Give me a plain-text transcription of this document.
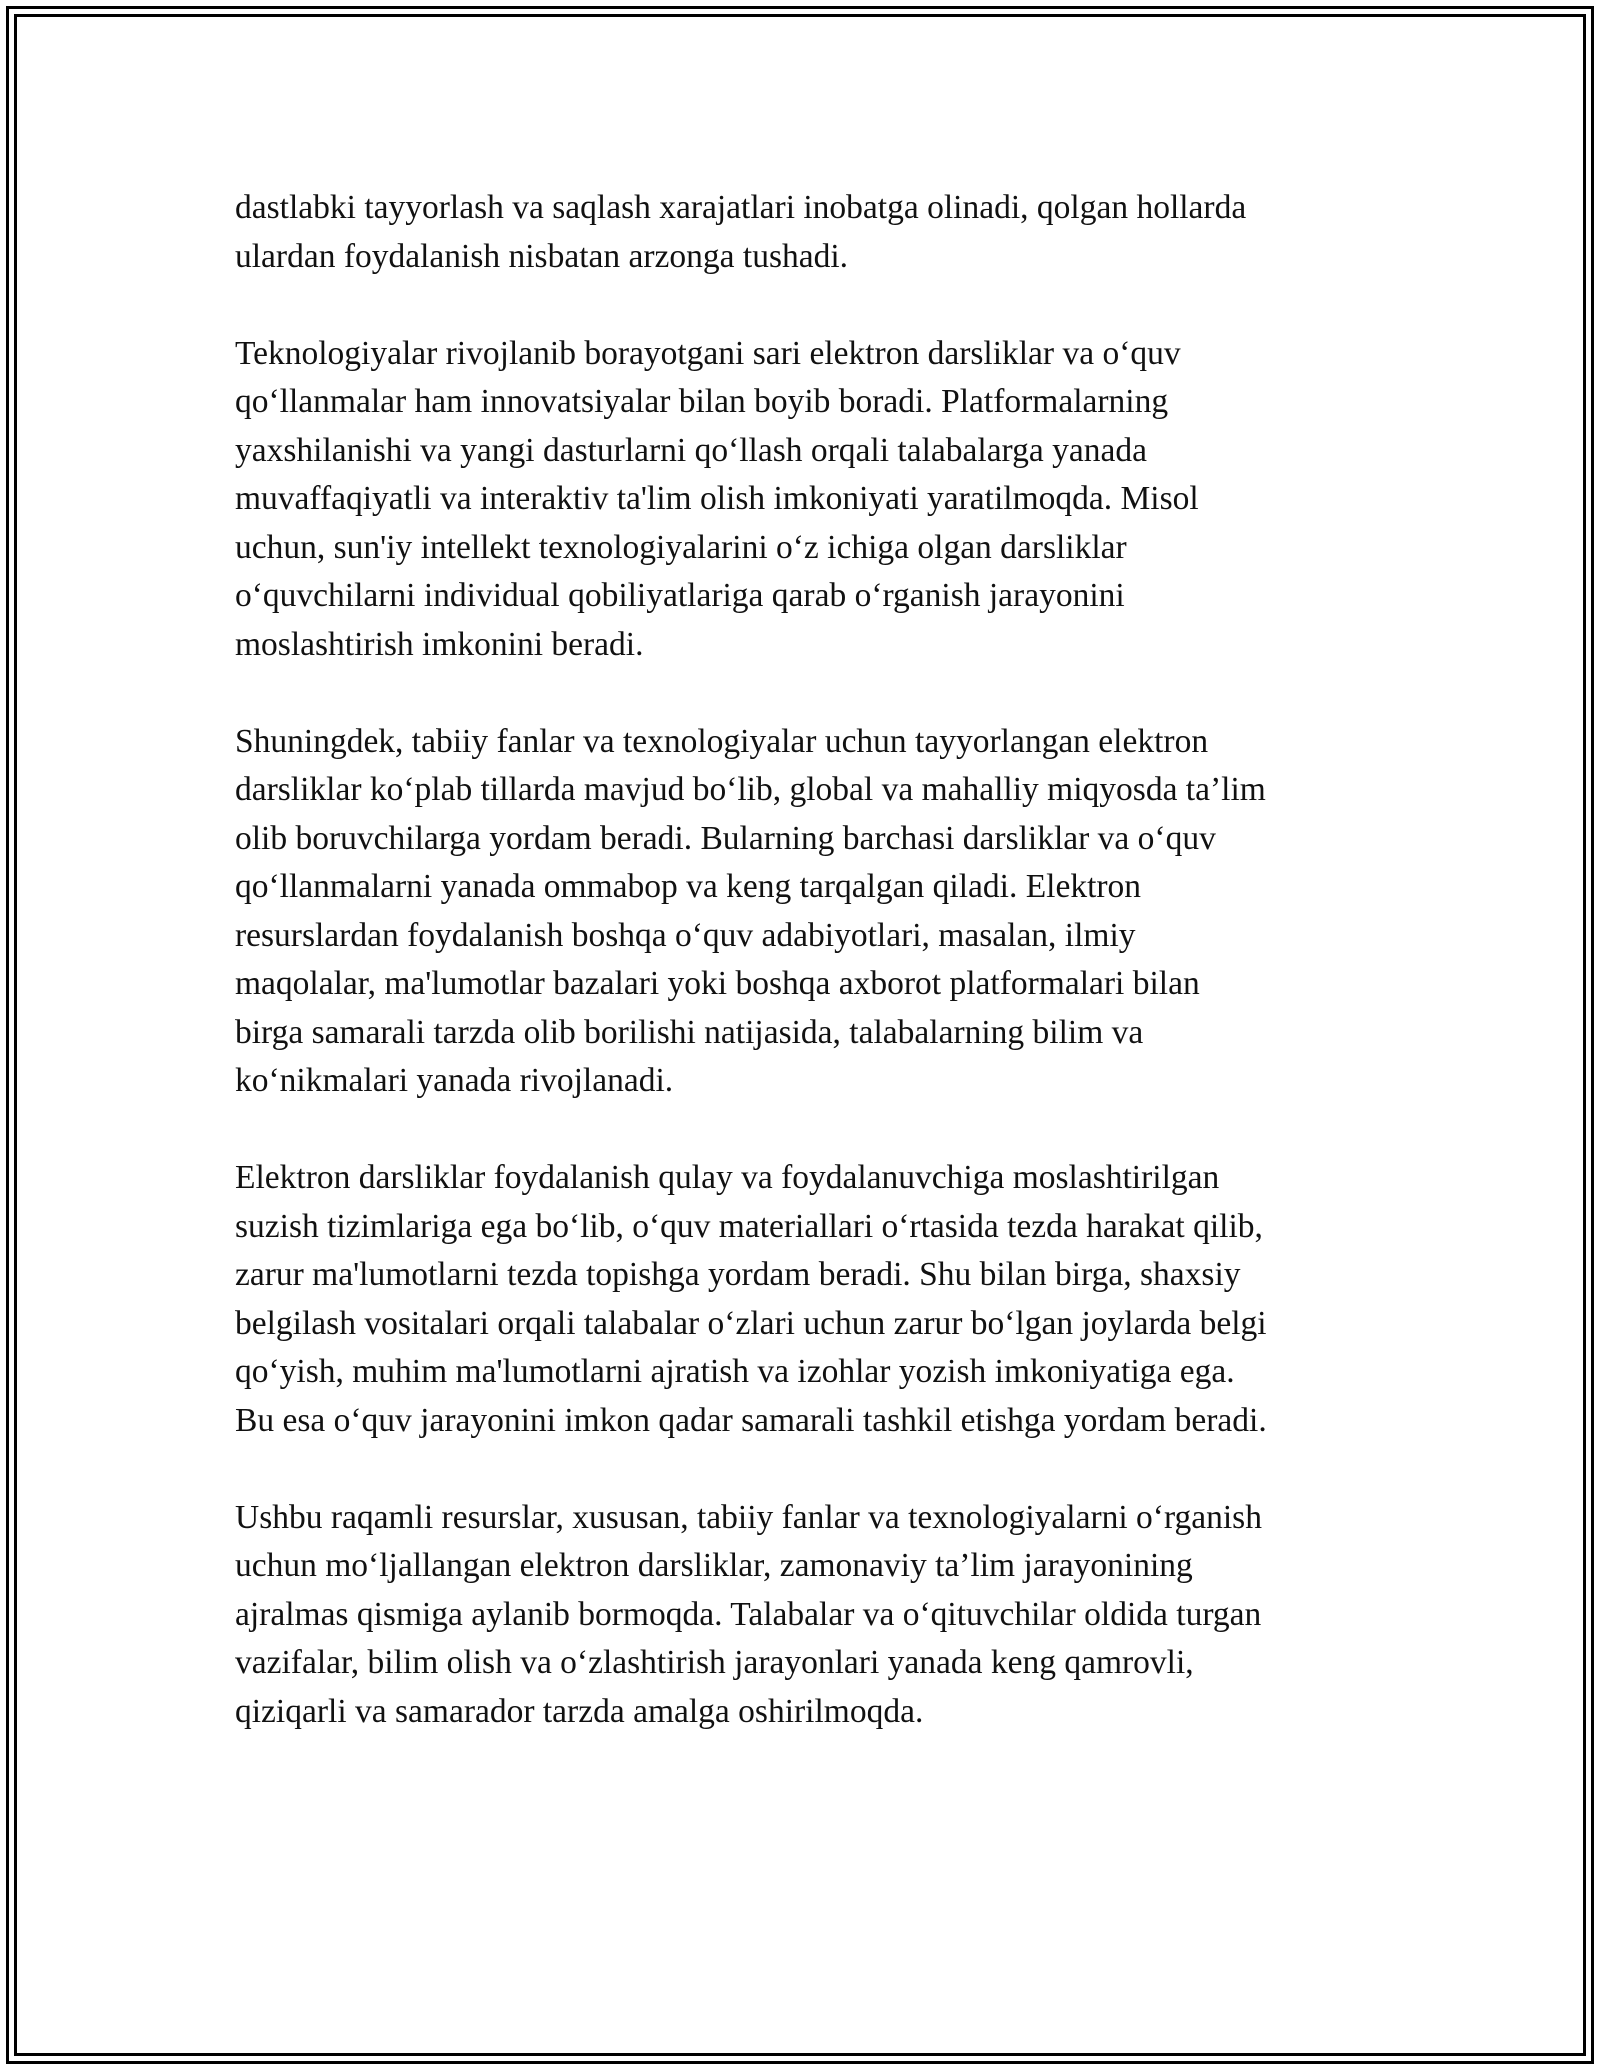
dastlabki tayyorlash va saqlash xarajatlari inobatga olinadi, qolgan hollarda
ulardan foydalanish nisbatan arzonga tushadi.

Teknologiyalar rivojlanib borayotgani sari elektron darsliklar va oʻquv
qoʻllanmalar ham innovatsiyalar bilan boyib boradi. Platformalarning
yaxshilanishi va yangi dasturlarni qoʻllash orqali talabalarga yanada
muvaffaqiyatli va interaktiv ta'lim olish imkoniyati yaratilmoqda. Misol
uchun, sun'iy intellekt texnologiyalarini oʻz ichiga olgan darsliklar
oʻquvchilarni individual qobiliyatlariga qarab oʻrganish jarayonini
moslashtirish imkonini beradi.

Shuningdek, tabiiy fanlar va texnologiyalar uchun tayyorlangan elektron
darsliklar koʻplab tillarda mavjud boʻlib, global va mahalliy miqyosda ta’lim
olib boruvchilarga yordam beradi. Bularning barchasi darsliklar va oʻquv
qoʻllanmalarni yanada ommabop va keng tarqalgan qiladi. Elektron
resurslardan foydalanish boshqa oʻquv adabiyotlari, masalan, ilmiy
maqolalar, ma'lumotlar bazalari yoki boshqa axborot platformalari bilan
birga samarali tarzda olib borilishi natijasida, talabalarning bilim va
koʻnikmalari yanada rivojlanadi.

Elektron darsliklar foydalanish qulay va foydalanuvchiga moslashtirilgan
suzish tizimlariga ega boʻlib, oʻquv materiallari oʻrtasida tezda harakat qilib,
zarur ma'lumotlarni tezda topishga yordam beradi. Shu bilan birga, shaxsiy
belgilash vositalari orqali talabalar oʻzlari uchun zarur boʻlgan joylarda belgi
qoʻyish, muhim ma'lumotlarni ajratish va izohlar yozish imkoniyatiga ega.
Bu esa oʻquv jarayonini imkon qadar samarali tashkil etishga yordam beradi.

Ushbu raqamli resurslar, xususan, tabiiy fanlar va texnologiyalarni oʻrganish
uchun moʻljallangan elektron darsliklar, zamonaviy ta’lim jarayonining
ajralmas qismiga aylanib bormoqda. Talabalar va oʻqituvchilar oldida turgan
vazifalar, bilim olish va oʻzlashtirish jarayonlari yanada keng qamrovli,
qiziqarli va samarador tarzda amalga oshirilmoqda.
